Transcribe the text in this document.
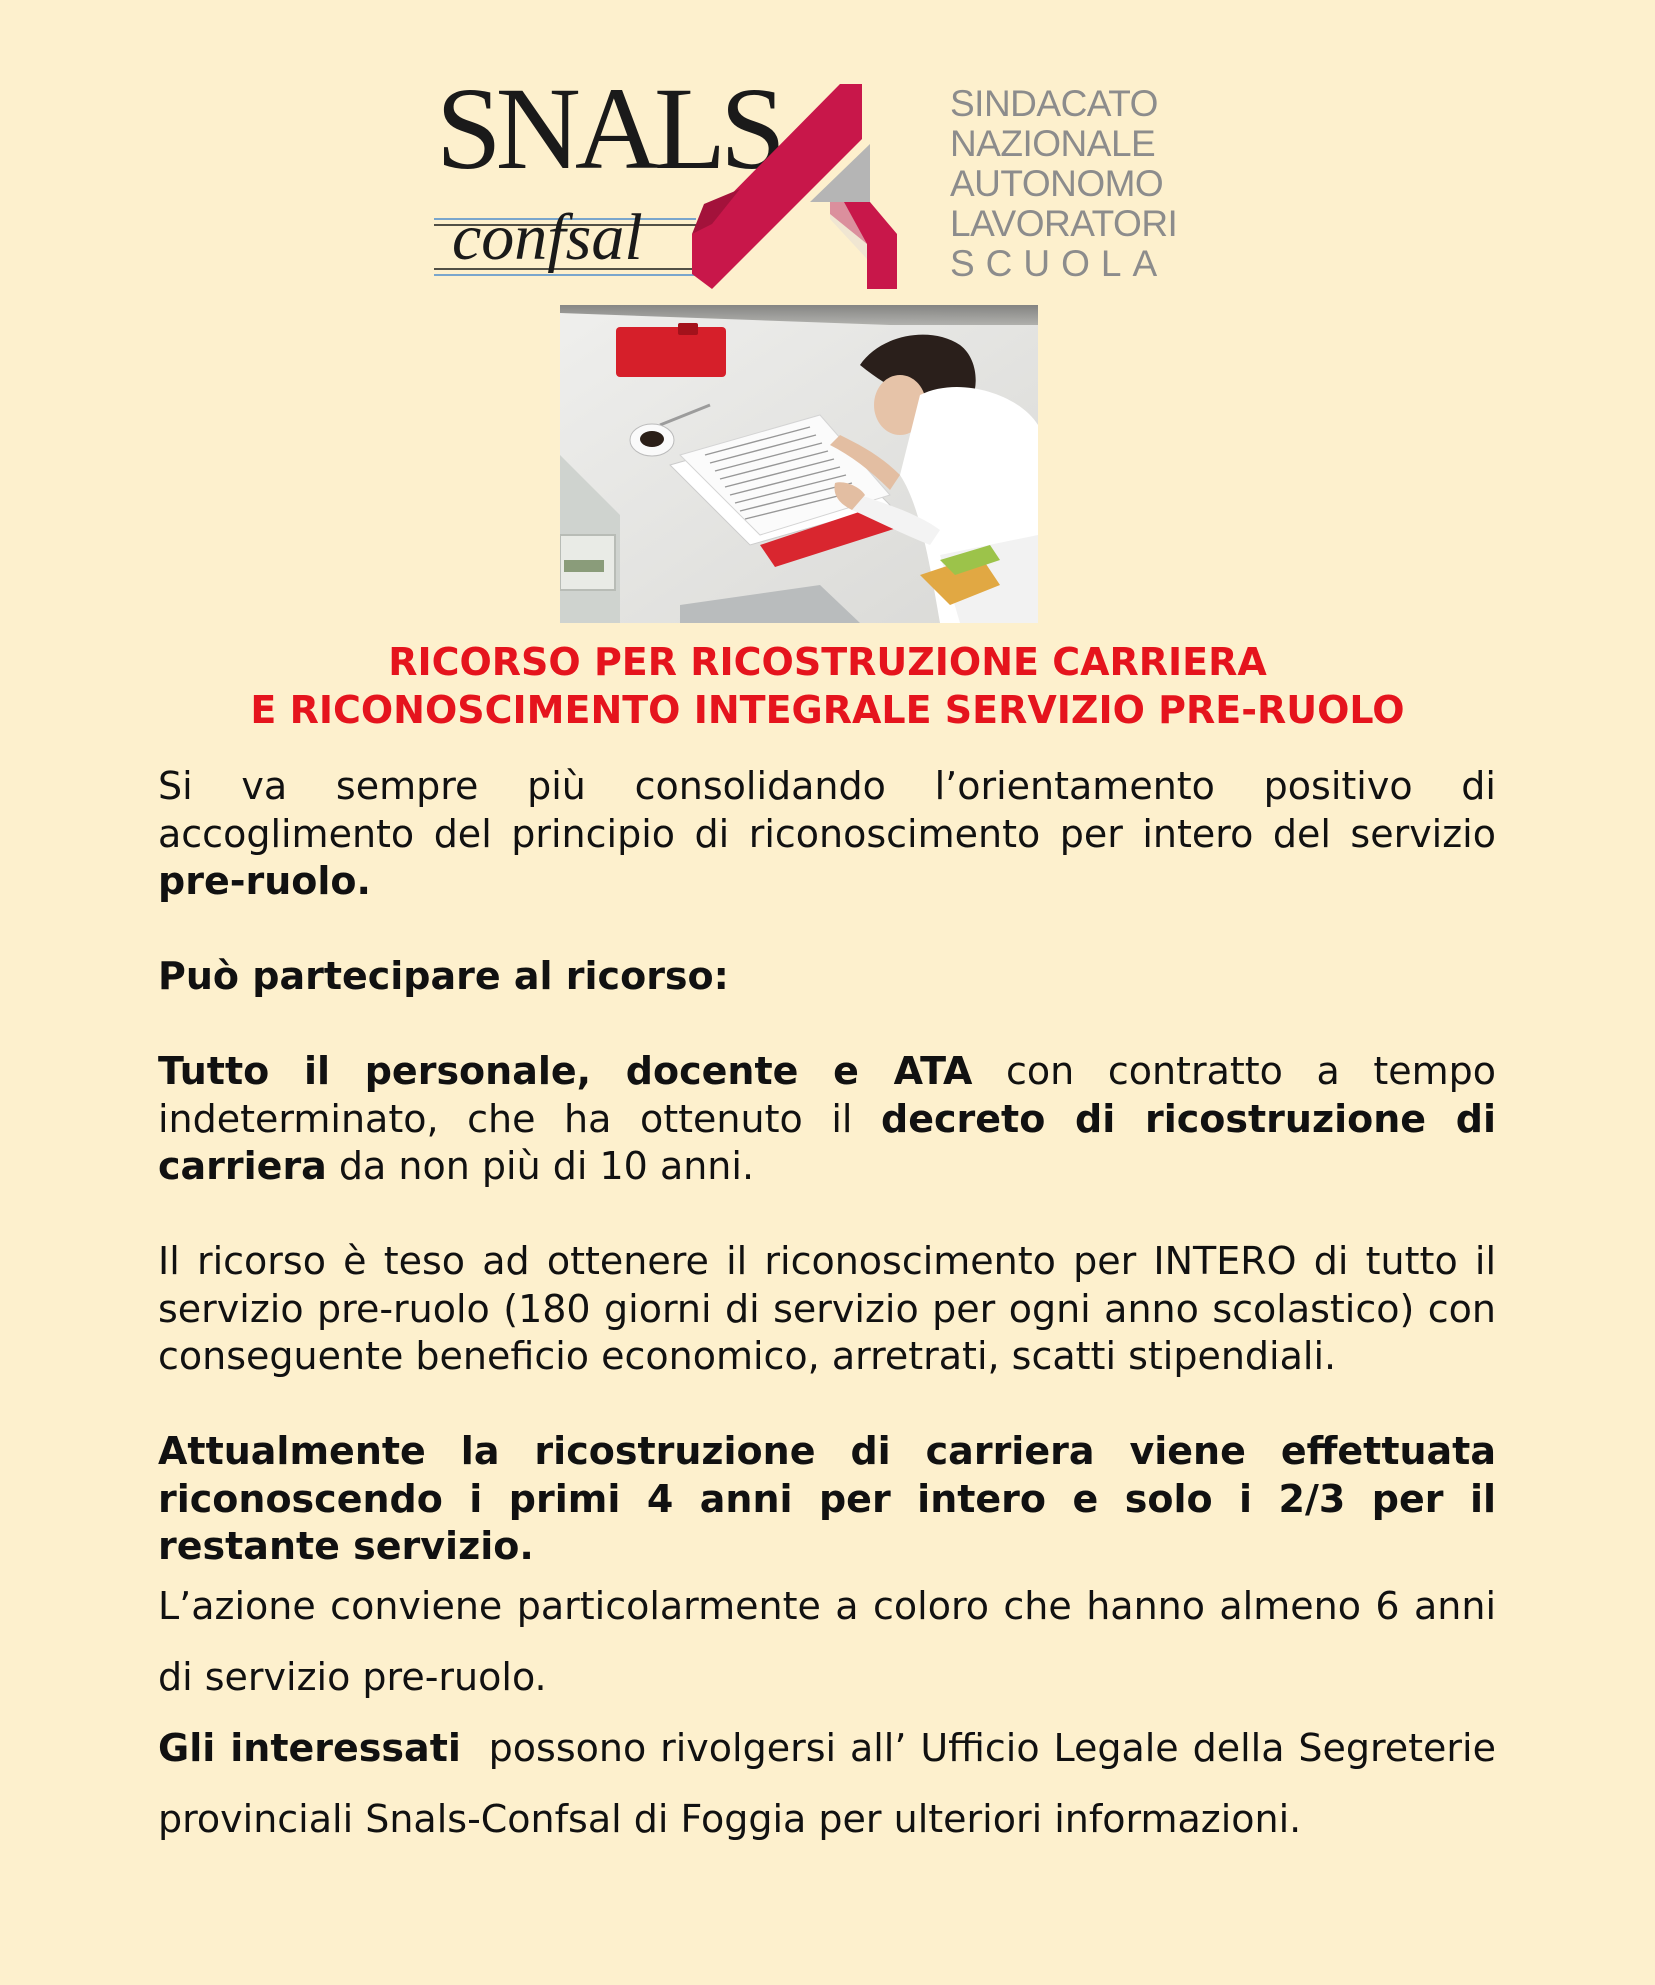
SNALS
confsal
SINDACATO
NAZIONALE
AUTONOMO
LAVORATORI
SCUOLA
RICORSO PER RICOSTRUZIONE CARRIERA
E RICONOSCIMENTO INTEGRALE SERVIZIO PRE-RUOLO

Si va sempre più consolidando l’orientamento positivo di accoglimento del principio di riconoscimento per intero del servizio pre-ruolo.

Può partecipare al ricorso:

Tutto il personale, docente e ATA con contratto a tempo indeterminato, che ha ottenuto il decreto di ricostruzione di carriera da non più di 10 anni.

Il ricorso è teso ad ottenere il riconoscimento per INTERO di tutto il servizio pre-ruolo (180 giorni di servizio per ogni anno scolastico) con conseguente beneficio economico, arretrati, scatti stipendiali.

Attualmente la ricostruzione di carriera viene effettuata riconoscendo i primi 4 anni per intero e solo i 2/3 per il restante servizio.

L’azione conviene particolarmente a coloro che hanno almeno 6 anni di servizio pre-ruolo.

Gli interessati  possono rivolgersi all’ Ufficio Legale della Segreterie provinciali Snals-Confsal di Foggia per ulteriori informazioni.
